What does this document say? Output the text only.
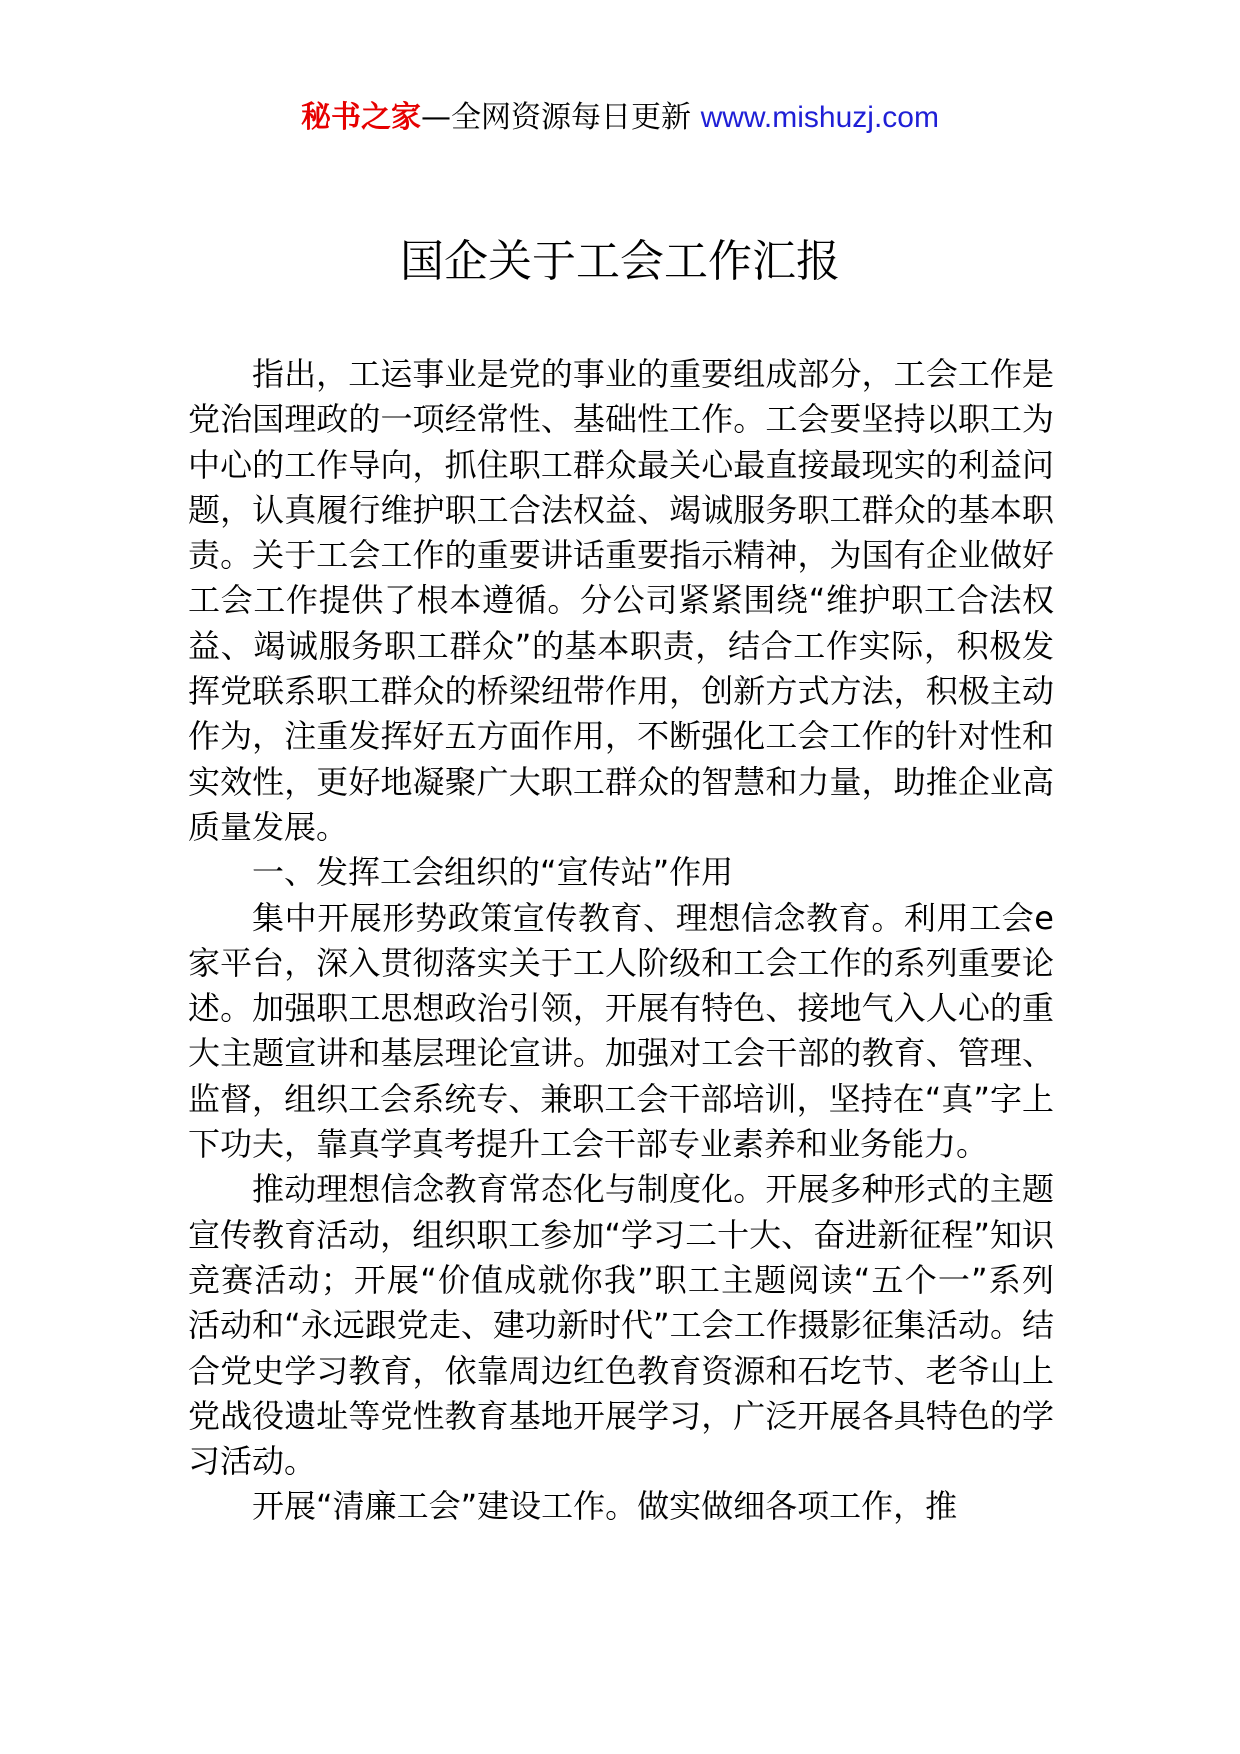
秘书之家—全网资源每日更新 www.mishuzj.com
国企关于工会工作汇报

指出，工运事业是党的事业的重要组成部分，工会工作是党治国理政的一项经常性、基础性工作。工会要坚持以职工为中心的工作导向，抓住职工群众最关心最直接最现实的利益问题，认真履行维护职工合法权益、竭诚服务职工群众的基本职责。关于工会工作的重要讲话重要指示精神，为国有企业做好工会工作提供了根本遵循。分公司紧紧围绕“维护职工合法权益、竭诚服务职工群众”的基本职责，结合工作实际，积极发挥党联系职工群众的桥梁纽带作用，创新方式方法，积极主动作为，注重发挥好五方面作用，不断强化工会工作的针对性和实效性，更好地凝聚广大职工群众的智慧和力量，助推企业高质量发展。

一、发挥工会组织的“宣传站”作用

集中开展形势政策宣传教育、理想信念教育。利用工会e家平台，深入贯彻落实关于工人阶级和工会工作的系列重要论述。加强职工思想政治引领，开展有特色、接地气入人心的重大主题宣讲和基层理论宣讲。加强对工会干部的教育、管理、监督，组织工会系统专、兼职工会干部培训，坚持在“真”字上下功夫，靠真学真考提升工会干部专业素养和业务能力。

推动理想信念教育常态化与制度化。开展多种形式的主题宣传教育活动，组织职工参加“学习二十大、奋进新征程”知识竞赛活动；开展“价值成就你我”职工主题阅读“五个一”系列活动和“永远跟党走、建功新时代”工会工作摄影征集活动。结合党史学习教育，依靠周边红色教育资源和石圪节、老爷山上党战役遗址等党性教育基地开展学习，广泛开展各具特色的学习活动。

开展“清廉工会”建设工作。做实做细各项工作，推
